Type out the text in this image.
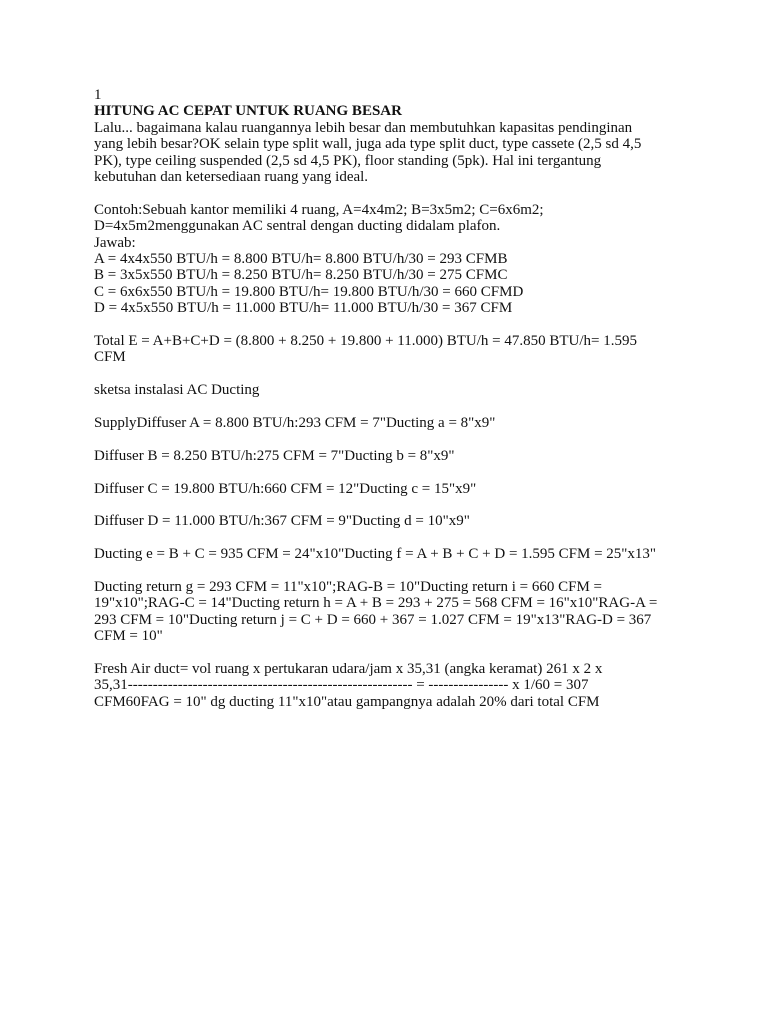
1
HITUNG AC CEPAT UNTUK RUANG BESAR
Lalu... bagaimana kalau ruangannya lebih besar dan membutuhkan kapasitas pendinginan
yang lebih besar?OK selain type split wall, juga ada type split duct, type cassete (2,5 sd 4,5
PK), type ceiling suspended (2,5 sd 4,5 PK), floor standing (5pk). Hal ini tergantung
kebutuhan dan ketersediaan ruang yang ideal.
Contoh:Sebuah kantor memiliki 4 ruang, A=4x4m2; B=3x5m2; C=6x6m2;
D=4x5m2menggunakan AC sentral dengan ducting didalam plafon.
Jawab:
A = 4x4x550 BTU/h = 8.800 BTU/h= 8.800 BTU/h/30 = 293 CFMB
B = 3x5x550 BTU/h = 8.250 BTU/h= 8.250 BTU/h/30 = 275 CFMC
C = 6x6x550 BTU/h = 19.800 BTU/h= 19.800 BTU/h/30 = 660 CFMD
D = 4x5x550 BTU/h = 11.000 BTU/h= 11.000 BTU/h/30 = 367 CFM
Total E = A+B+C+D = (8.800 + 8.250 + 19.800 + 11.000) BTU/h = 47.850 BTU/h= 1.595
CFM
sketsa instalasi AC Ducting
SupplyDiffuser A = 8.800 BTU/h:293 CFM = 7"Ducting a = 8"x9"
Diffuser B = 8.250 BTU/h:275 CFM = 7"Ducting b = 8"x9"
Diffuser C = 19.800 BTU/h:660 CFM = 12"Ducting c = 15"x9"
Diffuser D = 11.000 BTU/h:367 CFM = 9"Ducting d = 10"x9"
Ducting e = B + C = 935 CFM = 24"x10"Ducting f = A + B + C + D = 1.595 CFM = 25"x13"
Ducting return g = 293 CFM = 11"x10";RAG-B = 10"Ducting return i = 660 CFM =
19"x10";RAG-C = 14"Ducting return h = A + B = 293 + 275 = 568 CFM = 16"x10"RAG-A =
293 CFM = 10"Ducting return j = C + D = 660 + 367 = 1.027 CFM = 19"x13"RAG-D = 367
CFM = 10"
Fresh Air duct= vol ruang x pertukaran udara/jam x 35,31 (angka keramat) 261 x 2 x
35,31--------------------------------------------------------- = ---------------- x 1/60 = 307
CFM60FAG = 10" dg ducting 11"x10"atau gampangnya adalah 20% dari total CFM
